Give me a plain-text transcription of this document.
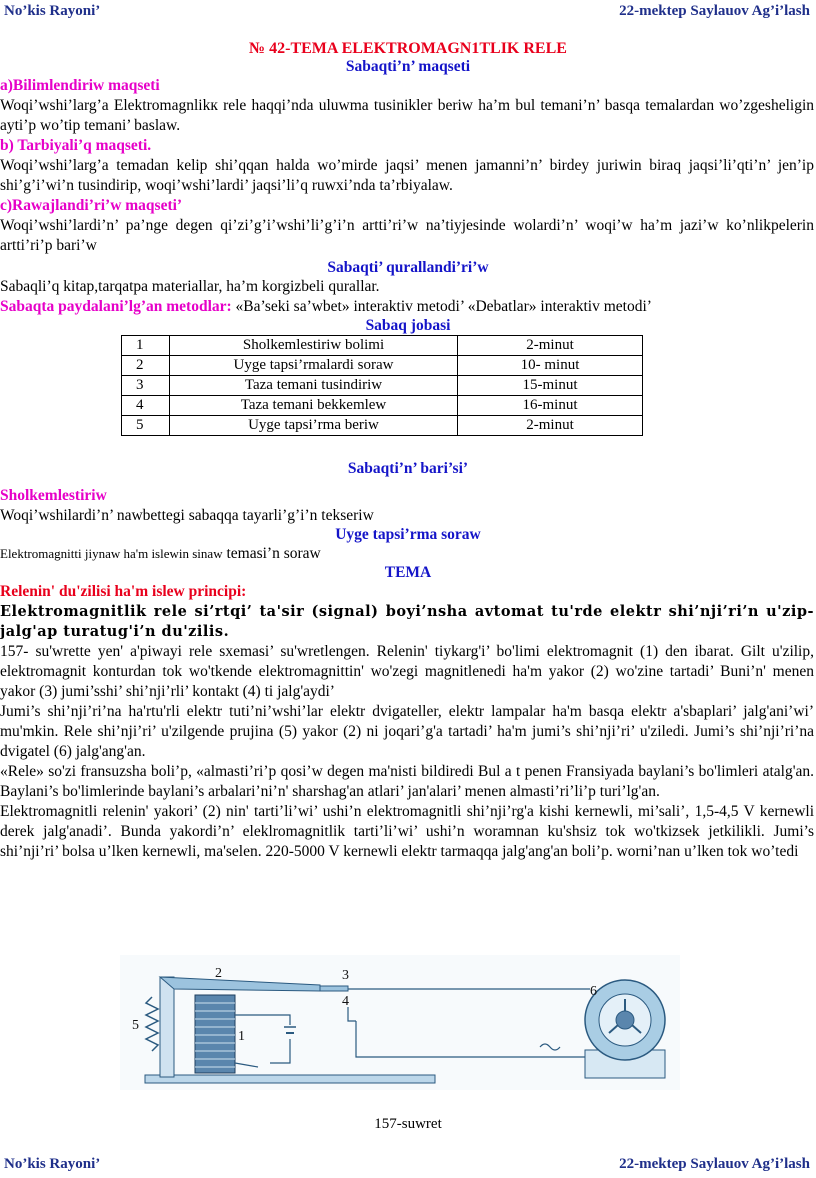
No’kis Rayoni’	22-mektep Saylauov Ag’i’lash
№ 42-TEMA ELEKTROMAGN1TLIK RELE
Sabaqti’n’ maqseti
a)Bilimlendiriw maqseti

Woqi’wshi’larg’a Elektromagnlikк rele haqqi’nda uluwma tusinikler beriw ha’m bul temani’n’ basqa temalardan wo’zgesheligin ayti’p wo’tip temani’ baslaw.

b) Tarbiyali’q maqseti.

Woqi’wshi’larg’a temadan kelip shi’qqan halda wo’mirde jaqsi’ menen jamanni’n’ birdey juriwin biraq jaqsi’li’qti’n’ jen’ip shi’g’i’wi’n tusindirip, woqi’wshi’lardi’ jaqsi’li’q ruwxi’nda ta’rbiyalaw.

c)Rawajlandi’ri’w maqseti’

Woqi’wshi’lardi’n’ pa’nge degen qi’zi’g’i’wshi’li’g’i’n artti’ri’w na’tiyjesinde wolardi’n’ woqi’w ha’m jazi’w ko’nlikpelerin artti’ri’p bari’w

Sabaqti’ qurallandi’ri’w
Sabaqli’q kitap,tarqatpa materiallar, ha’m korgizbeli qurallar.
Sabaqta paydalani’lg’an metodlar: «Ba’seki sa’wbet» interaktiv metodi’ «Debatlar» interaktiv metodi’
Sabaq jobasi
1	Sholkemlestiriw bolimi	2-minut
2	Uyge tapsi’rmalardi soraw	10- minut
3	Taza temani tusindiriw	15-minut
4	Taza temani bekkemlew	16-minut
5	Uyge tapsi’rma beriw	2-minut
Sabaqti’n’ bari’si’
Sholkemlestiriw
Woqi’wshilardi’n’ nawbettegi sabaqqa tayarli’g’i’n tekseriw
Uyge tapsi’rma soraw
Elektromagnitti jiynaw ha'm islewin sinaw temasi’n soraw
TEMA
Relenin' du'zilisi ha'm islew principi:

Elektromagnitlik rele si’rtqi’ ta'sir (signal) boyi’nsha avtomat tu'rde elektr shi’nji’ri’n u'zip-jalg'ap turatug'i’n du'zilis.

157- su'wrette yen' a'piwayi rele sxemasi’ su'wretlengen. Relenin' tiykarg'i’ bo'limi elektromagnit (1) den ibarat. Gilt u'zilip, elektromagnit konturdan tok wo'tkende elektromagnittin' wo'zegi magnitlenedi ha'm yakor (2) wo'zine tartadi’ Buni’n' menen yakor (3) jumi’sshi’ shi’nji’rli’ kontakt (4) ti jalg'aydi’

Jumi’s shi’nji’ri’na ha'rtu'rli elektr tuti’ni’wshi’lar elektr dvigateller, elektr lampalar ha'm basqa elektr a'sbaplari’ jalg'ani’wi’ mu'mkin. Rele shi’nji’ri’ u'zilgende prujina (5) yakor (2) ni joqari’g'a tartadi’ ha'm jumi’s shi’nji’ri’ u'ziledi. Jumi’s shi’nji’ri’na dvigatel (6) jalg'ang'an.

«Rele» so'zi fransuzsha boli’p, «almasti’ri’p qosi’w degen ma'nisti bildiredi Bul a t penen Fransiyada baylani’s bo'limleri atalg'an. Baylani’s bo'limlerinde baylani’s arbalari’ni’n' sharshag'an atlari’ jan'alari’ menen almasti’ri’li’p turi’lg'an.

Elektromagnitli relenin' yakori’ (2) nin' tarti’li’wi’ ushi’n elektromagnitli shi’nji’rg'a kishi kernewli, mi’sali’, 1,5-4,5 V kernewli derek jalg'anadi’. Bunda yakordi’n’ eleklromagnitlik tarti’li’wi’ ushi’n woramnan ku'shsiz tok wo'tkizsek jetkilikli. Jumi’s shi’nji’ri’ bolsa u’lken kernewli, ma'selen. 220-5000 V kernewli elektr tarmaqqa jalg'ang'an boli’p. worni’nan u’lken tok wo’tedi

1
2	3
4
5
6
157-suwret
No’kis Rayoni’	22-mektep Saylauov Ag’i’lash
